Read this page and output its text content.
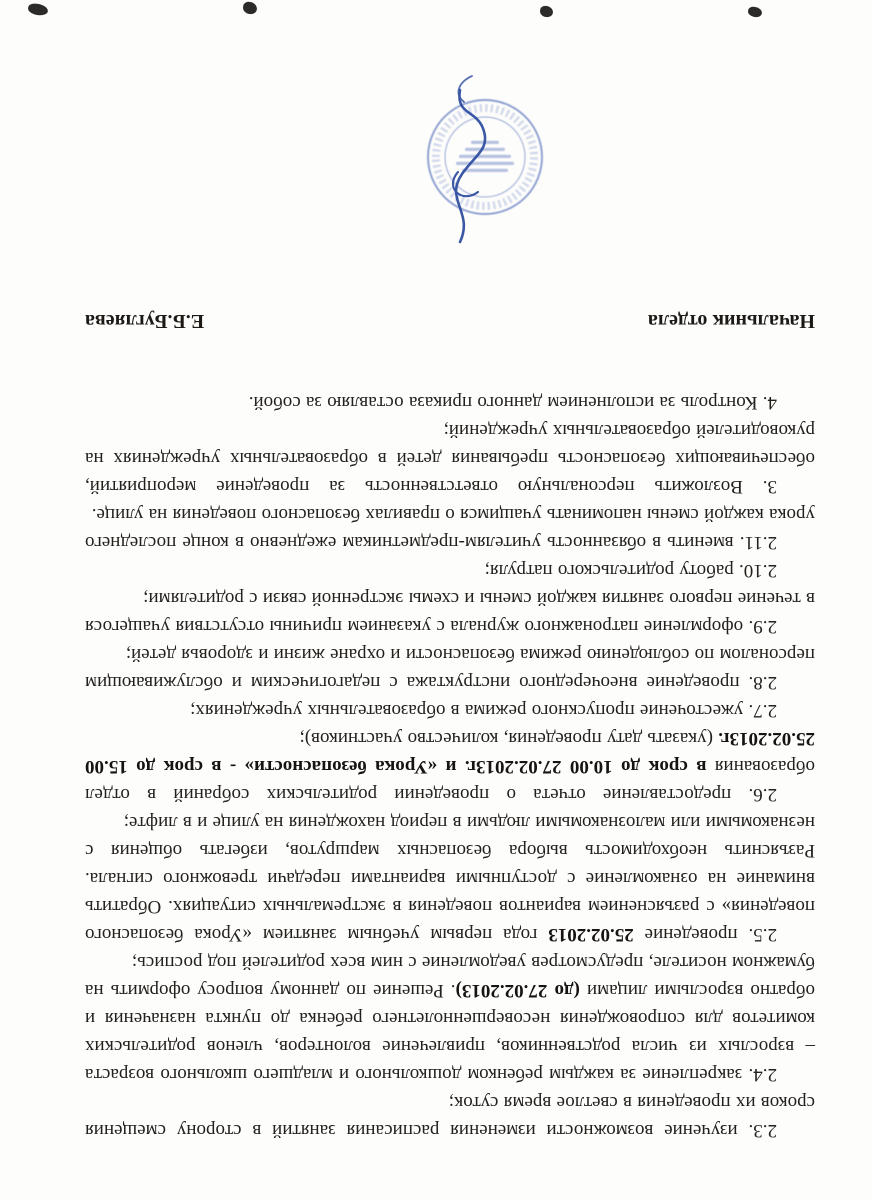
2.3. изучение возможности изменения расписания занятий в сторону смещения сроков их проведения в светлое время суток;

2.4. закрепление за каждым ребенком дошкольного и младшего школьного возраста – взрослых из числа родственников, привлечение волонтеров, членов родительских комитетов для сопровождения несовершеннолетнего ребенка до пункта назначения и обратно взрослыми лицами (до 27.02.2013). Решение по данному вопросу оформить на бумажном носителе, предусмотрев уведомление с ним всех родителей под роспись;

2.5. проведение 25.02.2013 года первым учебным занятием «Урока безопасного поведения» с разъяснением вариантов поведения в экстремальных ситуациях. Обратить внимание на ознакомление с доступными вариантами передачи тревожного сигнала. Разъяснить необходимость выбора безопасных маршрутов, избегать общения с незнакомыми или малознакомыми людьми в период нахождения на улице и в лифте;

2.6. предоставление отчета о проведении родительских собраний в отдел образования в срок до 10.00 27.02.2013г. и «Урока безопасности» - в срок до 15.00 25.02.2013г. (указать дату проведения, количество участников);

2.7. ужесточение пропускного режима в образовательных учреждениях;

2.8. проведение внеочередного инструктажа с педагогическим и обслуживающим персоналом по соблюдению режима безопасности и охране жизни и здоровья детей;

2.9. оформление патронажного журнала с указанием причины отсутствия учащегося в течение первого занятия каждой смены и схемы экстренной связи с родителями;

2.10. работу родительского патруля;

2.11. вменить в обязанность учителям-предметникам ежедневно в конце последнего урока каждой смены напоминать учащимся о правилах безопасного поведения на улице.

3. Возложить персональную ответственность за проведение мероприятий, обеспечивающих безопасность пребывания детей в образовательных учреждениях на руководителей образовательных учреждений;

4. Контроль за исполнением данного приказа оставляю за собой.

Начальник отдела
Е.Б.Бугляева
